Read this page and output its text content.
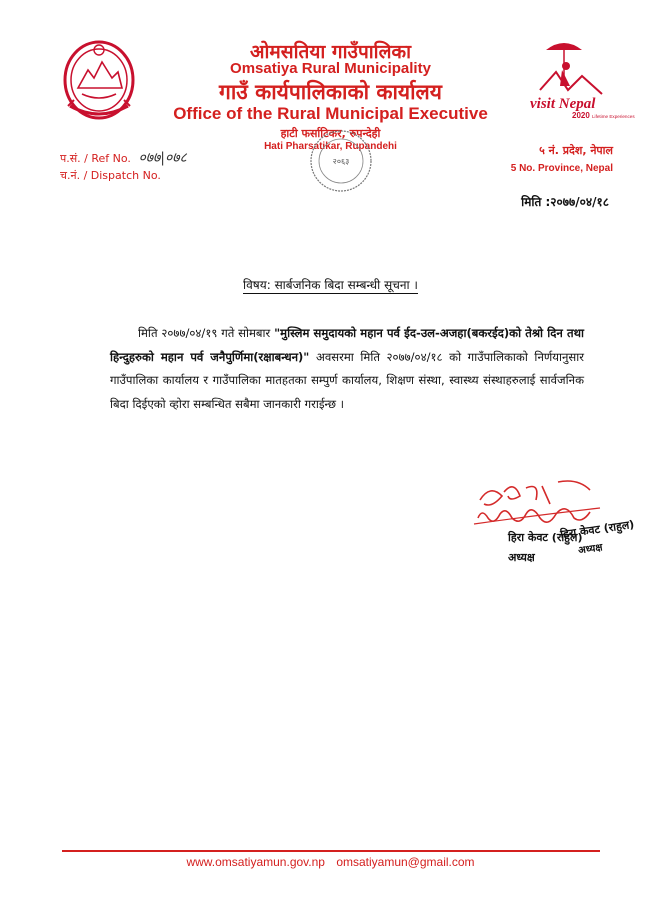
ओमसतिया गाउँपालिका
Omsatiya Rural Municipality
गाउँ कार्यपालिकाको कार्यालय
Office of the Rural Municipal Executive
हाटी फर्साटिकर, रुपन्देही
Hati Pharsatikar, Rupandehi
२०६३
visit Nepal
2020 Lifetime Experiences
प.सं. / Ref No. ०७७|०७८
च.नं. / Dispatch No.
५ नं. प्रदेश, नेपाल
5 No. Province, Nepal
मिति :२०७७/०४/१८
विषय: सार्बजनिक बिदा सम्बन्धी सूचना ।
मिति २०७७/०४/१९ गते सोमबार "मुस्लिम समुदायको महान पर्व ईद-उल-अजहा(बकरईद)को तेश्रो दिन तथा हिन्दुहरुको महान पर्व जनैपुर्णिमा(रक्षाबन्धन)" अवसरमा मिति २०७७/०४/१८ को गाउँपालिकाको निर्णयानुसार गाउँपालिका कार्यालय र गाउँपालिका मातहतका सम्पुर्ण कार्यालय, शिक्षण संस्था, स्वास्थ्य संस्थाहरुलाई सार्वजनिक बिदा दिईएको व्होरा सम्बन्धित सबैमा जानकारी गराईन्छ ।
हिरा केवट (राहुल)
अध्यक्ष
हिरा केवट (राहुल)
अध्यक्ष
www.omsatiyamun.gov.np omsatiyamun@gmail.com
